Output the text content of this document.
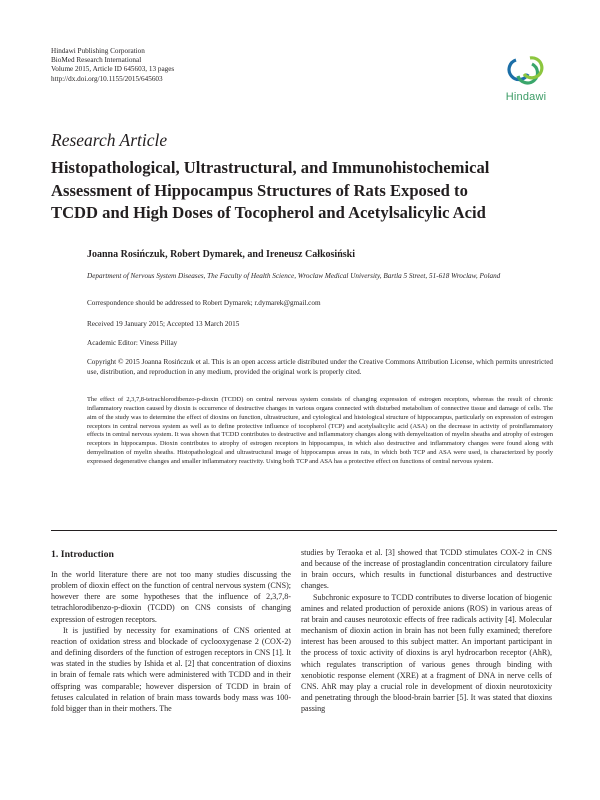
Hindawi Publishing Corporation
BioMed Research International
Volume 2015, Article ID 645603, 13 pages
http://dx.doi.org/10.1155/2015/645603
Hindawi
Research Article
Histopathological, Ultrastructural, and Immunohistochemical
Assessment of Hippocampus Structures of Rats Exposed to
TCDD and High Doses of Tocopherol and Acetylsalicylic Acid
Joanna Rosińczuk, Robert Dymarek, and Ireneusz Całkosiński
Department of Nervous System Diseases, The Faculty of Health Science, Wroclaw Medical University, Bartla 5 Street, 51-618 Wroclaw, Poland
Correspondence should be addressed to Robert Dymarek; r.dymarek@gmail.com
Received 19 January 2015; Accepted 13 March 2015
Academic Editor: Viness Pillay
Copyright © 2015 Joanna Rosińczuk et al. This is an open access article distributed under the Creative Commons Attribution License, which permits unrestricted use, distribution, and reproduction in any medium, provided the original work is properly cited.
The effect of 2,3,7,8-tetrachlorodibenzo-p-dioxin (TCDD) on central nervous system consists of changing expression of estrogen receptors, whereas the result of chronic inflammatory reaction caused by dioxin is occurrence of destructive changes in various organs connected with disturbed metabolism of connective tissue and damage of cells. The aim of the study was to determine the effect of dioxins on function, ultrastructure, and cytological and histological structure of hippocampus, particularly on expression of estrogen receptors in central nervous system as well as to define protective influence of tocopherol (TCP) and acetylsalicylic acid (ASA) on the decrease in activity of proinflammatory effects in central nervous system. It was shown that TCDD contributes to destructive and inflammatory changes along with demyelization of myelin sheaths and atrophy of estrogen receptors in hippocampus. Dioxin contributes to atrophy of estrogen receptors in hippocampus, in which also destructive and inflammatory changes were found along with demyelination of myelin sheaths. Histopathological and ultrastructural image of hippocampus areas in rats, in which both TCP and ASA were used, is characterized by poorly expressed degenerative changes and smaller inflammatory reactivity. Using both TCP and ASA has a protective effect on functions of central nervous system.
1. Introduction

In the world literature there are not too many studies discussing the problem of dioxin effect on the function of central nervous system (CNS); however there are some hypotheses that the influence of 2,3,7,8-tetrachlorodibenzo-p-dioxin (TCDD) on CNS consists of changing expression of estrogen receptors.

It is justified by necessity for examinations of CNS oriented at reaction of oxidation stress and blockade of cyclooxygenase 2 (COX-2) and defining disorders of the function of estrogen receptors in CNS [1]. It was stated in the studies by Ishida et al. [2] that concentration of dioxins in brain of female rats which were administered with TCDD and in their offspring was comparable; however dispersion of TCDD in brain of fetuses calculated in relation of brain mass towards body mass was 100-fold bigger than in their mothers. The

studies by Teraoka et al. [3] showed that TCDD stimulates COX-2 in CNS and because of the increase of prostaglandin concentration circulatory failure in brain occurs, which results in functional disturbances and destructive changes.

Subchronic exposure to TCDD contributes to diverse location of biogenic amines and related production of peroxide anions (ROS) in various areas of rat brain and causes neurotoxic effects of free radicals activity [4]. Molecular mechanism of dioxin action in brain has not been fully examined; therefore interest has been aroused to this subject matter. An important participant in the process of toxic activity of dioxins is aryl hydrocarbon receptor (AhR), which regulates transcription of various genes through binding with xenobiotic response element (XRE) at a fragment of DNA in nerve cells of CNS. AhR may play a crucial role in development of dioxin neurotoxicity and penetrating through the blood-brain barrier [5]. It was stated that dioxins passing
